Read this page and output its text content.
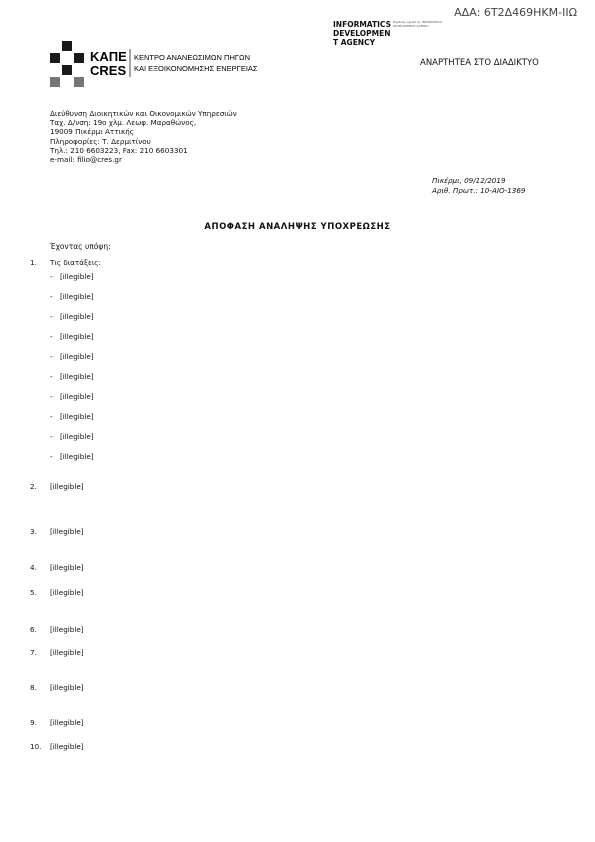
ΑΔΑ: 6Τ2Δ469ΗΚΜ-ΙΙΩ
INFORMATICS
DEVELOPMEN
T AGENCY
Digitally signed by INFORMATICS DEVELOPMENT AGENCY
ΚΑΠΕ
CRES
ΚΕΝΤΡΟ ΑΝΑΝΕΩΣΙΜΩΝ ΠΗΓΩΝ
ΚΑΙ ΕΞΟΙΚΟΝΟΜΗΣΗΣ ΕΝΕΡΓΕΙΑΣ
ΑΝΑΡΤΗΤΕΑ ΣΤΟ ΔΙΑΔΙΚΤΥΟ
Διεύθυνση Διοικητικών και Οικονομικών Υπηρεσιών
Ταχ. Δ/νση: 19ο χλμ. Λεωφ. Μαραθώνος,
19009 Πικέρμι Αττικής
Πληροφορίες: Τ. Δερμιτίνου
Τηλ.: 210 6603223, Fax: 210 6603301
e-mail: filio@cres.gr
Πικέρμι, 09/12/2019
Αριθ. Πρωτ.: 10-ΑΙΟ-1369
ΑΠΟΦΑΣΗ ΑΝΑΛΗΨΗΣ ΥΠΟΧΡΕΩΣΗΣ
Έχοντας υπόψη:
1.	Τις διατάξεις:
- [illegible]
- [illegible]
- [illegible]
- [illegible]
- [illegible]
- [illegible]
- [illegible]
- [illegible]
- [illegible]
- [illegible]
2.	[illegible]
3.	[illegible]
4.	[illegible]
5.	[illegible]
6.	[illegible]
7.	[illegible]
8.	[illegible]
9.	[illegible]
10.	[illegible]
